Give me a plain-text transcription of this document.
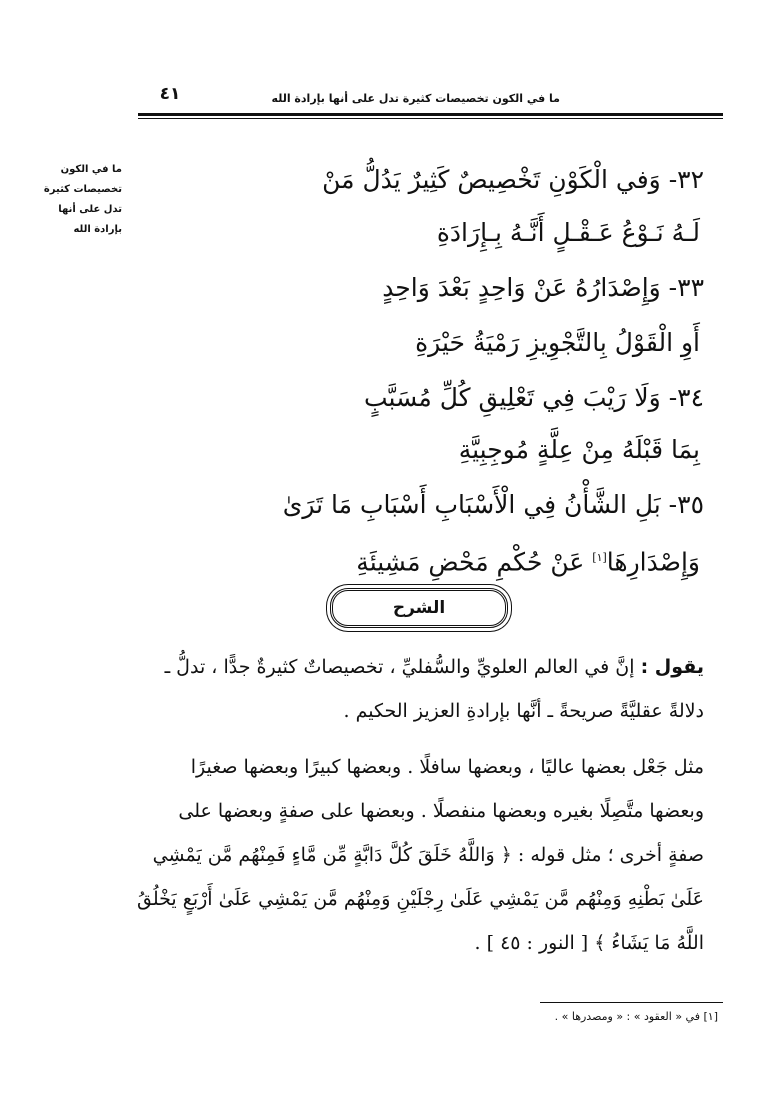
ما في الكون تخصيصات كثيرة تدل على أنها بإرادة الله
٤١
ما في الكون
تخصيصات كثيرة
تدل على أنها
بإرادة الله
٣٢- وَفي الْكَوْنِ تَخْصِيصٌ كَثِيرٌ يَدُلُّ مَنْ
لَـهُ نَـوْعُ عَـقْـلٍ أَنَّـهُ بِـإِرَادَةِ
٣٣- وَإِصْدَارُهُ عَنْ وَاحِدٍ بَعْدَ وَاحِدٍ
أَوِ الْقَوْلُ بِالتَّجْوِيزِ رَمْيَةُ حَيْرَةِ
٣٤- وَلَا رَيْبَ فِي تَعْلِيقِ كُلِّ مُسَبَّبٍ
بِمَا قَبْلَهُ مِنْ عِلَّةٍ مُوجِبِيَّةِ
٣٥- بَلِ الشَّأْنُ فِي الْأَسْبَابِ أَسْبَابِ مَا تَرَىٰ
وَإِصْدَارِهَا[١] عَنْ حُكْمِ مَحْضِ مَشِيئَةِ
الشرح
يقول : إنَّ في العالم العلويِّ والسُّفليِّ ، تخصيصاتٌ كثيرةٌ جدًّا ، تدلُّ ـ
دلالةً عقليَّةً صريحةً ـ أنَّها بإرادةِ العزيز الحكيم .
مثل جَعْل بعضها عاليًا ، وبعضها سافلًا . وبعضها كبيرًا وبعضها صغيرًا
وبعضها متَّصِلًا بغيره وبعضها منفصلًا . وبعضها على صفةٍ وبعضها على
صفةٍ أخرى ؛ مثل قوله : ﴿ وَاللَّهُ خَلَقَ كُلَّ دَابَّةٍ مِّن مَّاءٍ فَمِنْهُم مَّن يَمْشِي
عَلَىٰ بَطْنِهِ وَمِنْهُم مَّن يَمْشِي عَلَىٰ رِجْلَيْنِ وَمِنْهُم مَّن يَمْشِي عَلَىٰ أَرْبَعٍ يَخْلُقُ
اللَّهُ مَا يَشَاءُ ﴾ [ النور : ٤٥ ] .
[١] في « العقود » : « ومصدرها » .
